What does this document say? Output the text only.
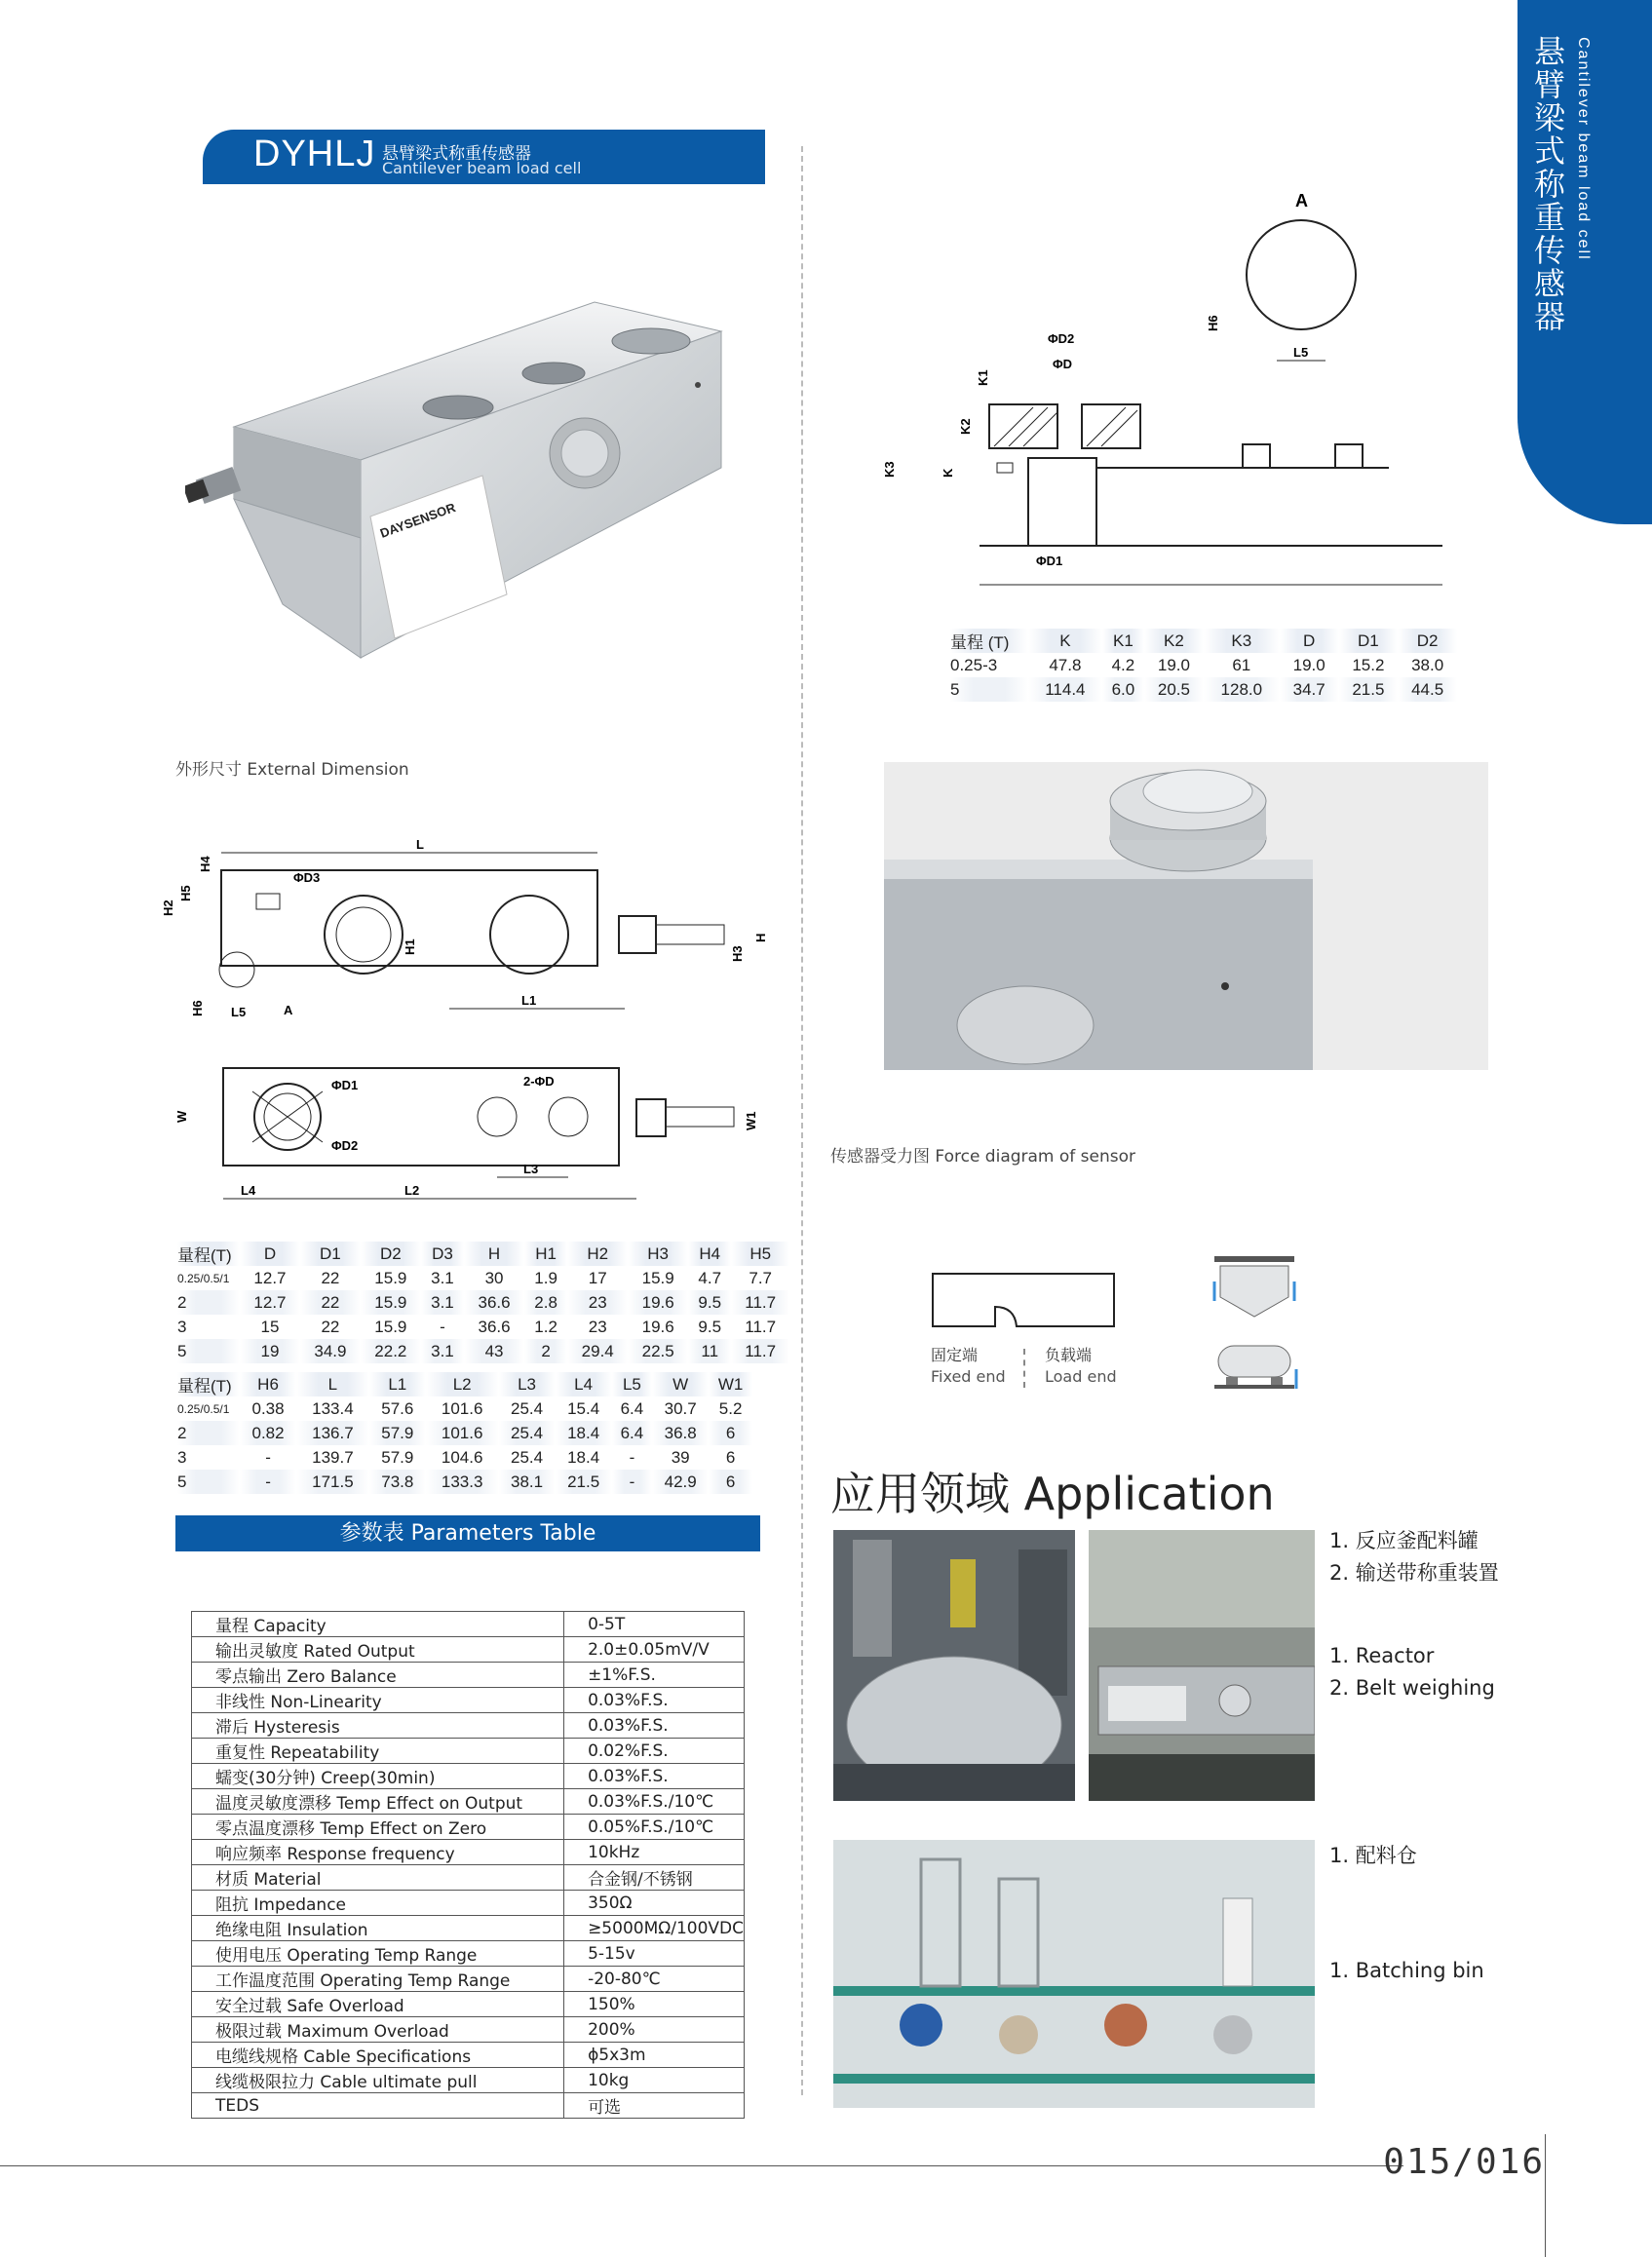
DYHLJ 悬臂梁式称重传感器
Cantilever beam load cell	悬臂梁式称重传感器 Cantilever beam load cell
DAYSENSOR
外形尺寸 External Dimension
L
ΦD3
H2
H5
H4
H1	H3
H
L1
L5
H6	A
ΦD1	2-ΦD
ΦD2
W	W1
L3
L4	L2
量程(T)	D	D1	D2	D3	H	H1	H2	H3	H4	H5
0.25/0.5/1	12.7	22	15.9	3.1	30	1.9	17	15.9	4.7	7.7
2	12.7	22	15.9	3.1	36.6	2.8	23	19.6	9.5	11.7
3	15	22	15.9	-	36.6	1.2	23	19.6	9.5	11.7
5	19	34.9	22.2	3.1	43	2	29.4	22.5	11	11.7
量程(T)	H6	L	L1	L2	L3	L4	L5	W	W1
0.25/0.5/1	0.38	133.4	57.6	101.6	25.4	15.4	6.4	30.7	5.2
2	0.82	136.7	57.9	101.6	25.4	18.4	6.4	36.8	6
3	-	139.7	57.9	104.6	25.4	18.4	-	39	6
5	-	171.5	73.8	133.3	38.1	21.5	-	42.9	6
参数表 Parameters Table
量程 Capacity	0-5T
输出灵敏度 Rated Output	2.0±0.05mV/V
零点输出 Zero Balance	±1%F.S.
非线性 Non-Linearity	0.03%F.S.
滞后 Hysteresis	0.03%F.S.
重复性 Repeatability	0.02%F.S.
蠕变(30分钟) Creep(30min)	0.03%F.S.
温度灵敏度漂移 Temp Effect on Output	0.03%F.S./10℃
零点温度漂移 Temp Effect on Zero	0.05%F.S./10℃
响应频率 Response frequency	10kHz
材质 Material	合金钢/不锈钢
阻抗 Impedance	350Ω
绝缘电阻 Insulation	≥5000MΩ/100VDC
使用电压 Operating Temp Range	5-15v
工作温度范围 Operating Temp Range	-20-80℃
安全过载 Safe Overload	150%
极限过载 Maximum Overload	200%
电缆线规格 Cable Specifications	ϕ5x3m
线缆极限拉力 Cable ultimate pull	10kg
TEDS	可选
A
H6
L5
ΦD2
ΦD
K1
K2
K
K3
ΦD1
量程 (T)	K	K1	K2	K3	D	D1	D2
0.25-3	47.8	4.2	19.0	61	19.0	15.2	38.0
5	114.4	6.0	20.5	128.0	34.7	21.5	44.5
传感器受力图 Force diagram of sensor
固定端
Fixed end
负载端
Load end
应用领域 Application
1. 反应釜配料罐
2. 输送带称重装置
1. Reactor
2. Belt weighing
1. 配料仓
1. Batching bin
015/016
